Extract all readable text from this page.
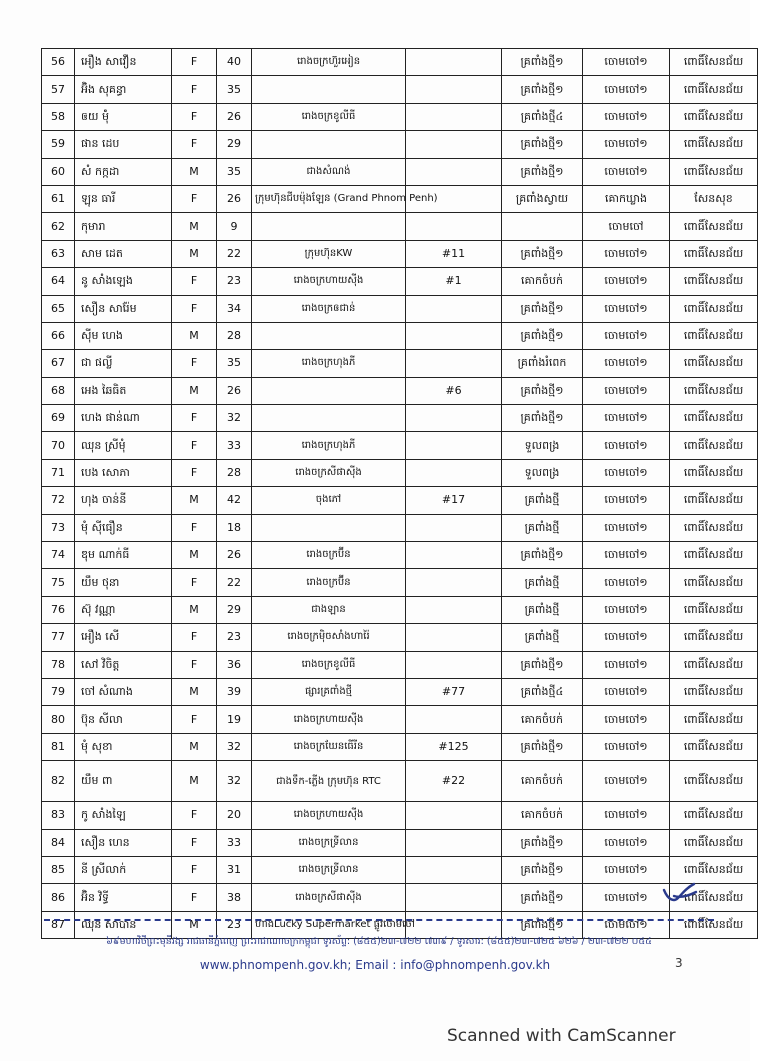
56	អឿង សាវឿន	F	40	រោងចក្រហ៊ួរអៀន		គ្រពាំងថ្មី១	ចោមចៅ១	ពោធិ៍សែនជ័យ
57	អ៊ិង សុគន្ធា	F	35			គ្រពាំងថ្មី១	ចោមចៅ១	ពោធិ៍សែនជ័យ
58	ឲយ ម៉ុំ	F	26	រោងចក្រខូលីធី		គ្រពាំងថ្មី៤	ចោមចៅ១	ពោធិ៍សែនជ័យ
59	ផាន ដេប	F	29			គ្រពាំងថ្មី១	ចោមចៅ១	ពោធិ៍សែនជ័យ
60	សំ កក្កដា	M	35	ជាងសំណង់		គ្រពាំងថ្មី១	ចោមចៅ១	ពោធិ៍សែនជ័យ
61	ឡុន ធារី	F	26	ក្រុមហ៊ុនជីបម៉ុងឡែន (Grand Phnom Penh)		គ្រពាំងស្វាយ	គោកឃ្លាង	សែនសុខ
62	កុមារា	M	9				ចោមចៅ	ពោធិ៍សែនជ័យ
63	សាម ដេត	M	22	ក្រុមហ៊ុនKW	#11	គ្រពាំងថ្មី១	ចោមចៅ១	ពោធិ៍សែនជ័យ
64	នូ សាំងឡេង	F	23	រោងចក្រហាយស៊ីង	#1	គោកចំបក់	ចោមចៅ១	ពោធិ៍សែនជ័យ
65	សឿន សារ៉ែម	F	34	រោងចក្រឲជាន់		គ្រពាំងថ្មី១	ចោមចៅ១	ពោធិ៍សែនជ័យ
66	ស៊ីម ហេង	M	28			គ្រពាំងថ្មី១	ចោមចៅ១	ពោធិ៍សែនជ័យ
67	ជា ផល្លី	F	35	រោងចក្រហុងភី		គ្រពាំងរំពេក	ចោមចៅ១	ពោធិ៍សែនជ័យ
68	អេង ឆៃធិត	M	26		#6	គ្រពាំងថ្មី១	ចោមចៅ១	ពោធិ៍សែនជ័យ
69	ហេង ផាន់ណា	F	32			គ្រពាំងថ្មី១	ចោមចៅ១	ពោធិ៍សែនជ័យ
70	ឈុន ស្រីមុំ	F	33	រោងចក្រហុងភី		ទួលពង្រ	ចោមចៅ១	ពោធិ៍សែនជ័យ
71	បេង សោភា	F	28	រោងចក្រសីផាស៊ីង		ទួលពង្រ	ចោមចៅ១	ពោធិ៍សែនជ័យ
72	ហុង ចាន់នី	M	42	ចុងភៅ	#17	គ្រពាំងថ្មី	ចោមចៅ១	ពោធិ៍សែនជ័យ
73	មុំ ស៊ីធឿន	F	18			គ្រពាំងថ្មី	ចោមចៅ១	ពោធិ៍សែនជ័យ
74	ឌុម ណាក់ធី	M	26	រោងចក្រប៊ីន		គ្រពាំងថ្មី១	ចោមចៅ១	ពោធិ៍សែនជ័យ
75	យឹម ថុនា	F	22	រោងចក្រប៊ីន		គ្រពាំងថ្មី	ចោមចៅ១	ពោធិ៍សែនជ័យ
76	ស៊ុ វណ្ណា	M	29	ជាងឡាន		គ្រពាំងថ្មី	ចោមចៅ១	ពោធិ៍សែនជ័យ
77	អឿង សើ	F	23	រោងចក្រម៉ិចសាំងហារ៉ៃ		គ្រពាំងថ្មី	ចោមចៅ១	ពោធិ៍សែនជ័យ
78	សៅ វិចិត្ត	F	36	រោងចក្រខូលីធី		គ្រពាំងថ្មី១	ចោមចៅ១	ពោធិ៍សែនជ័យ
79	ចៅ សំណាង	M	39	ផ្សារគ្រពាំងថ្មី	#77	គ្រពាំងថ្មី៤	ចោមចៅ១	ពោធិ៍សែនជ័យ
80	ប៊ុន សីលា	F	19	រោងចក្រហាយស៊ីង		គោកចំបក់	ចោមចៅ១	ពោធិ៍សែនជ័យ
81	មុំ សុខា	M	32	រោងចក្រឃែនធើរីន	#125	គ្រពាំងថ្មី១	ចោមចៅ១	ពោធិ៍សែនជ័យ
82	យឹម ពា	M	32	ជាងទឹក-ភ្លើង ក្រុមហ៊ុន RTC	#22	គោកចំបក់	ចោមចៅ១	ពោធិ៍សែនជ័យ
83	កូ សាំងឡៃ	F	20	រោងចក្រហាយស៊ីង		គោកចំបក់	ចោមចៅ១	ពោធិ៍សែនជ័យ
84	សឿន ហេន	F	33	រោងចក្រទ្រីលាន		គ្រពាំងថ្មី១	ចោមចៅ១	ពោធិ៍សែនជ័យ
85	នី ស្រីលាក់	F	31	រោងចក្រទ្រីលាន		គ្រពាំងថ្មី១	ចោមចៅ១	ពោធិ៍សែនជ័យ
86	អ៊ិន វិទ្ធី	F	38	រោងចក្រសីផាស៊ីង		គ្រពាំងថ្មី១	ចោមចៅ១	ពោធិ៍សែនជ័យ
87	ឈុន សាបាន	M	23	ហាងLucky Supermarket ផ្លូវចោមចៅ		គ្រពាំងថ្មី១	ចោមចៅ១	ពោធិ៍សែនជ័យ
៦៩មហាវិថីព្រះមុនីវង្ស រាជធានីភ្នំពេញ ព្រះរាជាណាចក្រកម្ពុជា ទូរស័ព្ទ: (៨៥៥)២៣-៧២២ ៧៣៩ / ទូរសារ: (៨៥៥)២៣-៧២៥ ៦២៦ / ២៣-៧២២ ០៥៤
www.phnompenh.gov.kh; Email : info@phnompenh.gov.kh	3
Scanned with CamScanner
